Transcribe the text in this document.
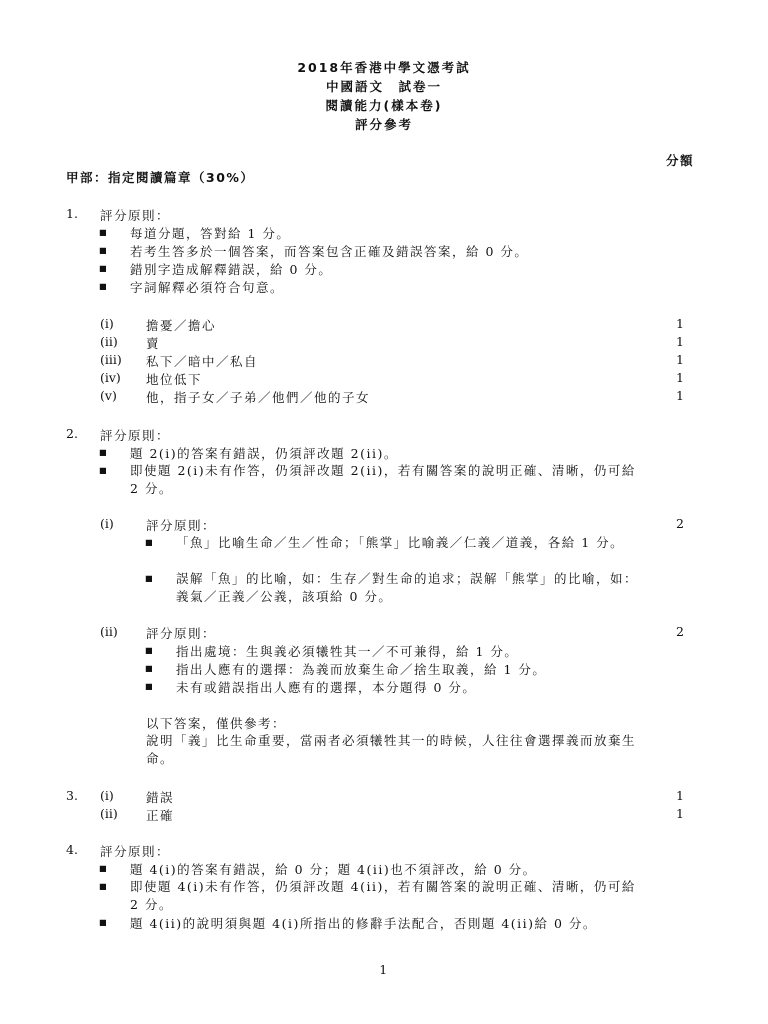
2018年香港中學文憑考試
中國語文　試卷一
閱讀能力(樣本卷)
評分參考
分額
甲部：指定閱讀篇章（30%）
1. 評分原則：
▪ 每道分題，答對給 1 分。
▪ 若考生答多於一個答案，而答案包含正確及錯誤答案，給 0 分。
▪ 錯別字造成解釋錯誤，給 0 分。
▪ 字詞解釋必須符合句意。
(i)	擔憂／擔心	1
(ii) 賣	1
(iii) 私下／暗中／私自	1
(iv) 地位低下	1
(v) 他，指子女／子弟／他們／他的子女	1
2. 評分原則：
▪ 題 2(i)的答案有錯誤，仍須評改題 2(ii)。
▪ 即使題 2(i)未有作答，仍須評改題 2(ii)，若有關答案的說明正確、清晰，仍可給 2 分。
(i)	評分原則：	2
▪ 「魚」比喻生命／生／性命；「熊掌」比喻義／仁義／道義，各給 1 分。
▪ 誤解「魚」的比喻，如：生存／對生命的追求；誤解「熊掌」的比喻，如：義氣／正義／公義，該項給 0 分。
(ii) 評分原則：	2
▪ 指出處境：生與義必須犧牲其一／不可兼得，給 1 分。
▪ 指出人應有的選擇：為義而放棄生命／捨生取義，給 1 分。
▪ 未有或錯誤指出人應有的選擇，本分題得 0 分。
以下答案，僅供參考：
說明「義」比生命重要，當兩者必須犧牲其一的時候，人往往會選擇義而放棄生命。
3. (i)	錯誤	1
(ii) 正確	1
4. 評分原則：
▪ 題 4(i)的答案有錯誤，給 0 分；題 4(ii)也不須評改，給 0 分。
▪ 即使題 4(i)未有作答，仍須評改題 4(ii)，若有關答案的說明正確、清晰，仍可給 2 分。
▪ 題 4(ii)的說明須與題 4(i)所指出的修辭手法配合，否則題 4(ii)給 0 分。
1
